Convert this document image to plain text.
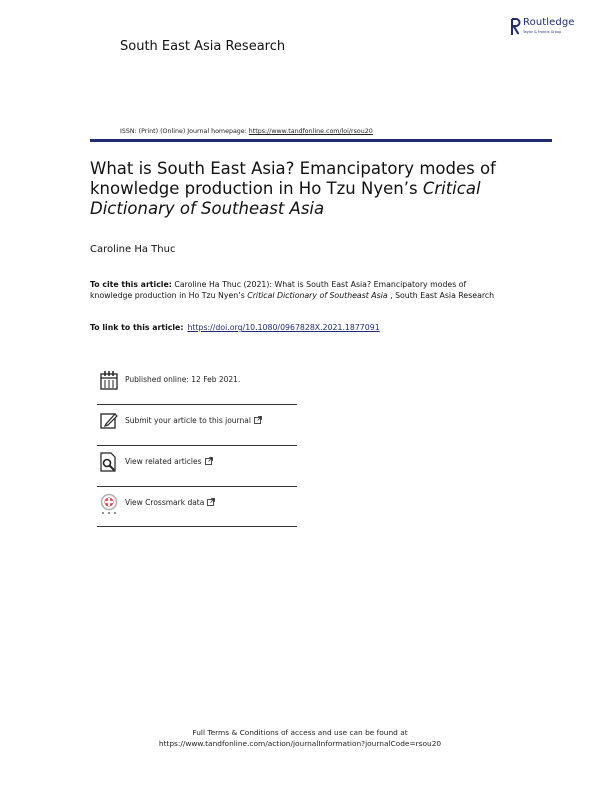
Routledge
Taylor & Francis Group
South East Asia Research
ISSN: (Print) (Online) Journal homepage: https://www.tandfonline.com/loi/rsou20
What is South East Asia? Emancipatory modes of knowledge production in Ho Tzu Nyen’s Critical Dictionary of Southeast Asia
Caroline Ha Thuc
To cite this article: Caroline Ha Thuc (2021): What is South East Asia? Emancipatory modes of knowledge production in Ho Tzu Nyen’s Critical Dictionary of Southeast Asia , South East Asia Research
To link to this article: https://doi.org/10.1080/0967828X.2021.1877091
Published online: 12 Feb 2021.
Submit your article to this journal
View related articles
View Crossmark data
Full Terms & Conditions of access and use can be found at
https://www.tandfonline.com/action/journalInformation?journalCode=rsou20
